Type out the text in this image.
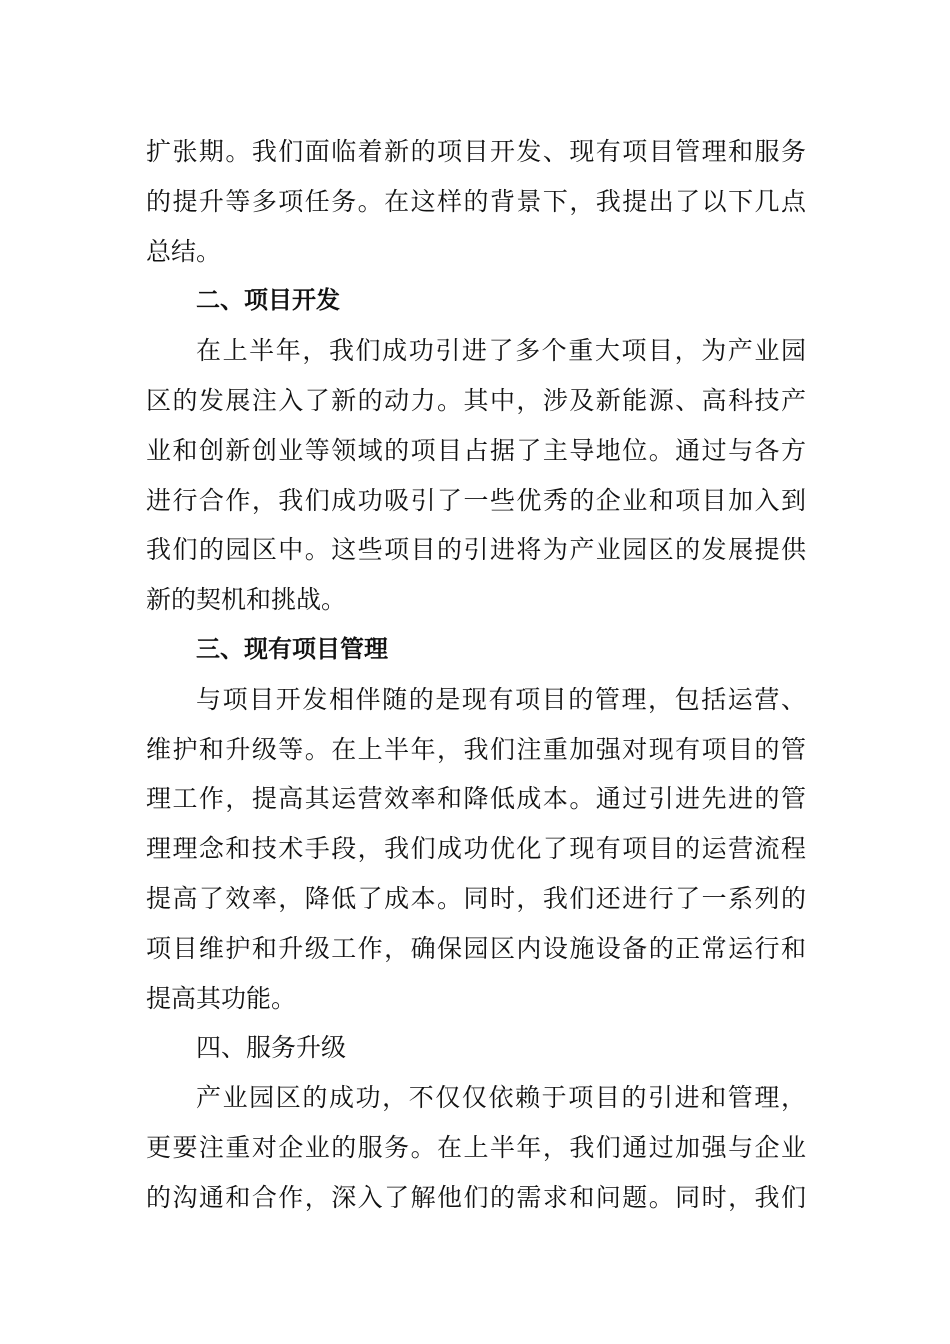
扩张期。我们面临着新的项目开发、现有项目管理和服务
的提升等多项任务。在这样的背景下，我提出了以下几点
总结。
二、项目开发
在上半年，我们成功引进了多个重大项目，为产业园
区的发展注入了新的动力。其中，涉及新能源、高科技产
业和创新创业等领域的项目占据了主导地位。通过与各方
进行合作，我们成功吸引了一些优秀的企业和项目加入到
我们的园区中。这些项目的引进将为产业园区的发展提供
新的契机和挑战。
三、现有项目管理
与项目开发相伴随的是现有项目的管理，包括运营、
维护和升级等。在上半年，我们注重加强对现有项目的管
理工作，提高其运营效率和降低成本。通过引进先进的管
理理念和技术手段，我们成功优化了现有项目的运营流程
提高了效率，降低了成本。同时，我们还进行了一系列的
项目维护和升级工作，确保园区内设施设备的正常运行和
提高其功能。
四、服务升级
产业园区的成功，不仅仅依赖于项目的引进和管理，
更要注重对企业的服务。在上半年，我们通过加强与企业
的沟通和合作，深入了解他们的需求和问题。同时，我们
